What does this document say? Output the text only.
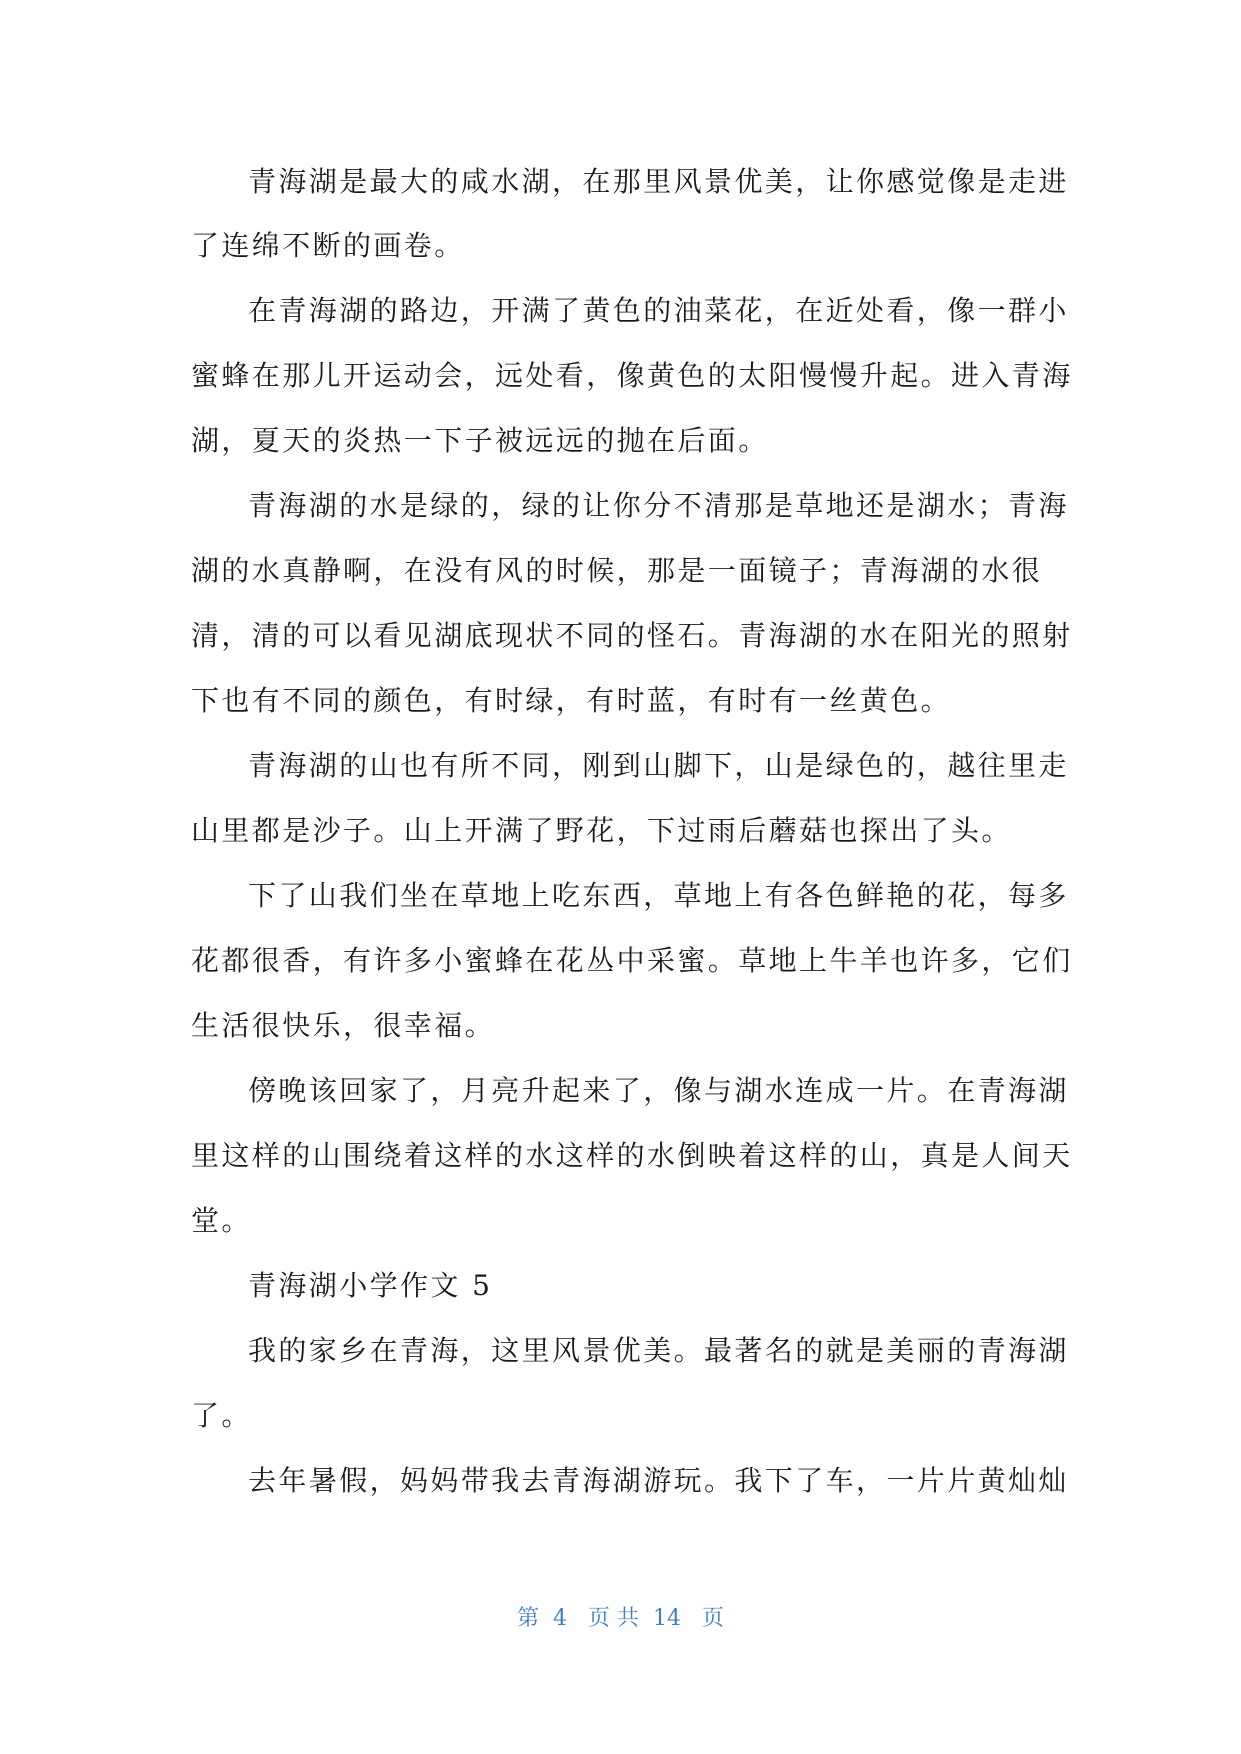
青海湖是最大的咸水湖，在那里风景优美，让你感觉像是走进
了连绵不断的画卷。
在青海湖的路边，开满了黄色的油菜花，在近处看，像一群小
蜜蜂在那儿开运动会，远处看，像黄色的太阳慢慢升起。进入青海
湖，夏天的炎热一下子被远远的抛在后面。
青海湖的水是绿的，绿的让你分不清那是草地还是湖水；青海
湖的水真静啊，在没有风的时候，那是一面镜子；青海湖的水很
清，清的可以看见湖底现状不同的怪石。青海湖的水在阳光的照射
下也有不同的颜色，有时绿，有时蓝，有时有一丝黄色。
青海湖的山也有所不同，刚到山脚下，山是绿色的，越往里走
山里都是沙子。山上开满了野花，下过雨后蘑菇也探出了头。
下了山我们坐在草地上吃东西，草地上有各色鲜艳的花，每多
花都很香，有许多小蜜蜂在花丛中采蜜。草地上牛羊也许多，它们
生活很快乐，很幸福。
傍晚该回家了，月亮升起来了，像与湖水连成一片。在青海湖
里这样的山围绕着这样的水这样的水倒映着这样的山，真是人间天
堂。
青海湖小学作文 5
我的家乡在青海，这里风景优美。最著名的就是美丽的青海湖
了。
去年暑假，妈妈带我去青海湖游玩。我下了车，一片片黄灿灿
第  4   页 共  14   页
